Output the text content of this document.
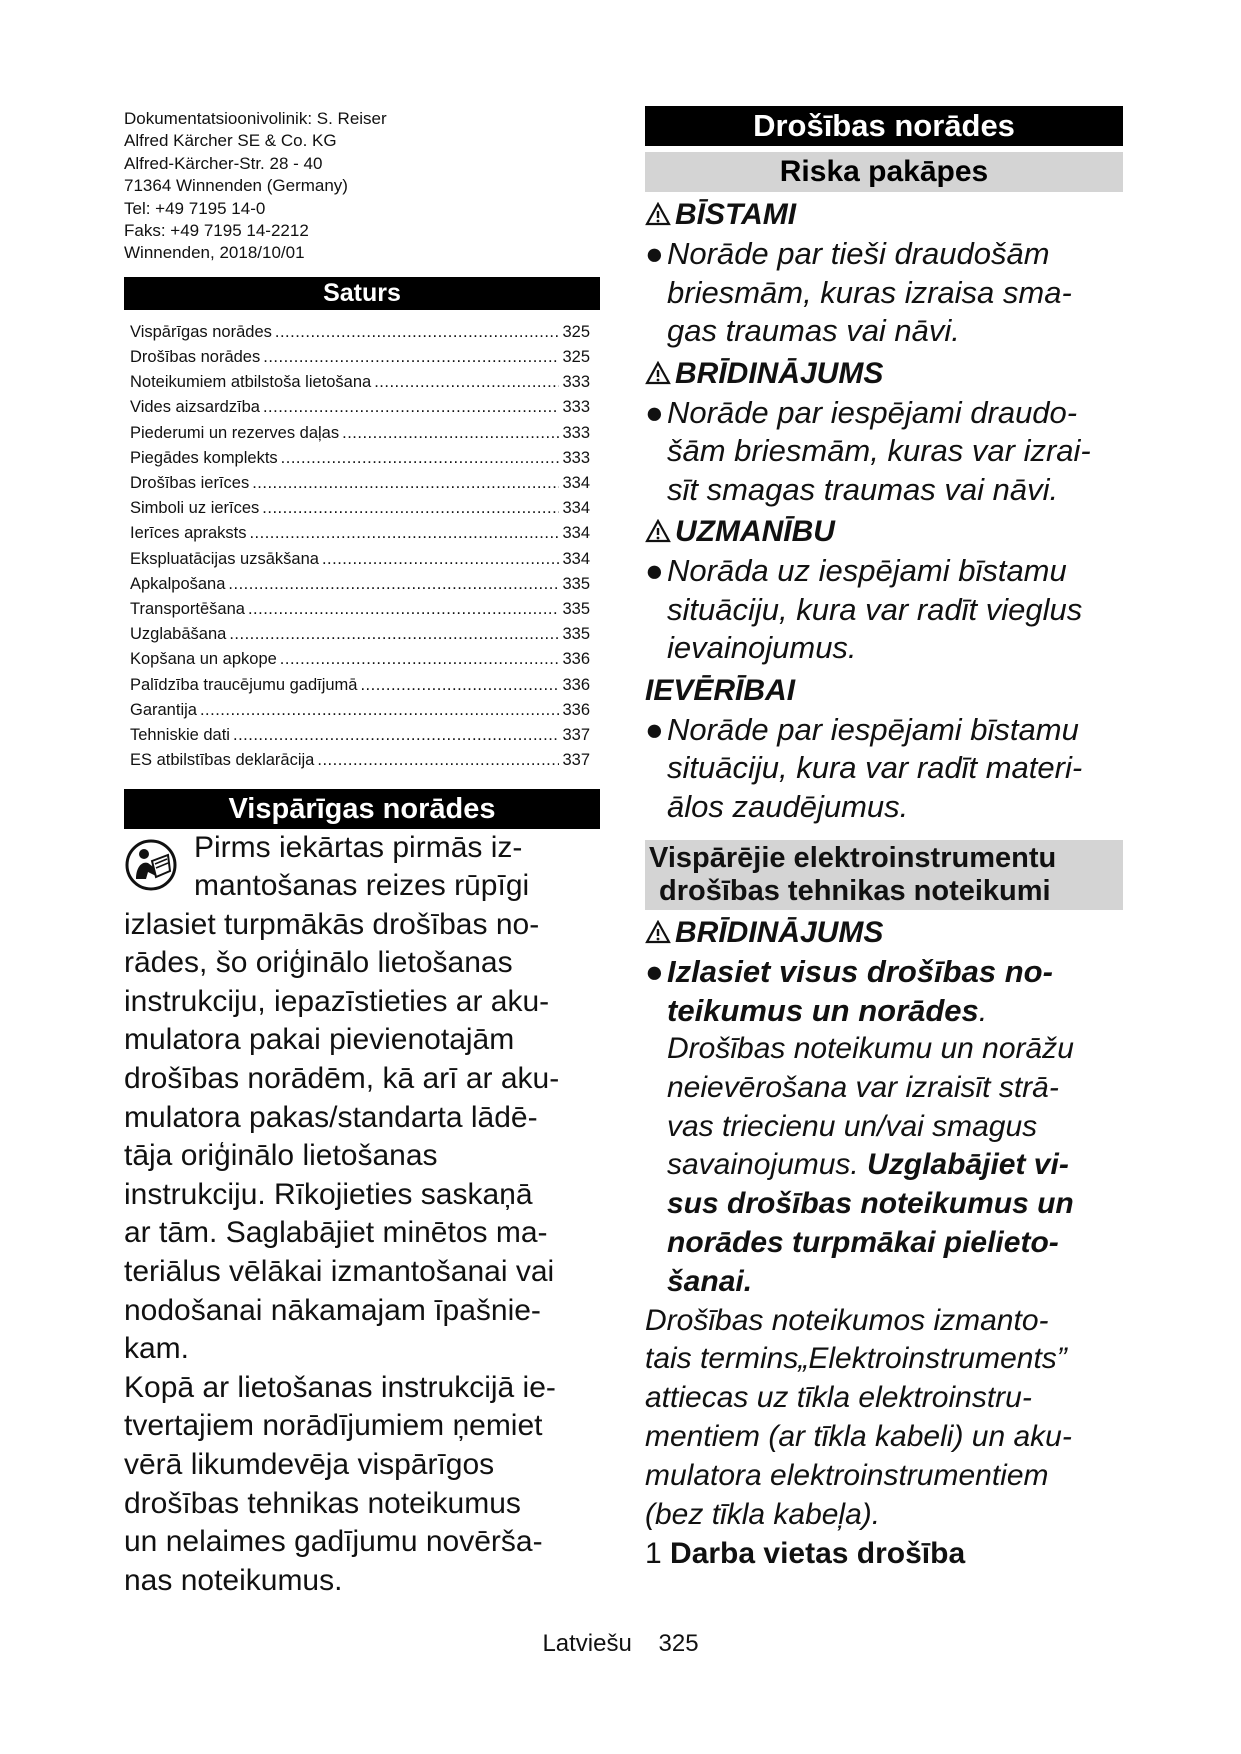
Dokumentatsioonivolinik: S. Reiser

Alfred Kärcher SE & Co. KG

Alfred-Kärcher-Str. 28 - 40

71364 Winnenden (Germany)

Tel: +49 7195 14-0

Faks: +49 7195 14-2212

Winnenden, 2018/10/01

Saturs
Vispārīgas norādes .....	325
Drošības norādes .....	325
Noteikumiem atbilstoša lietošana .....	333
Vides aizsardzība .....	333
Piederumi un rezerves daļas .....	333
Piegādes komplekts .....	333
Drošības ierīces .....	334
Simboli uz ierīces .....	334
Ierīces apraksts .....	334
Ekspluatācijas uzsākšana .....	334
Apkalpošana .....	335
Transportēšana .....	335
Uzglabāšana .....	335
Kopšana un apkope .....	336
Palīdzība traucējumu gadījumā .....	336
Garantija .....	336
Tehniskie dati .....	337
ES atbilstības deklarācija .....	337
Vispārīgas norādes

Pirms iekārtas pirmās iz-

mantošanas reizes rūpīgi

izlasiet turpmākās drošības no-

rādes, šo oriģinālo lietošanas

instrukciju, iepazīstieties ar aku-

mulatora pakai pievienotajām

drošības norādēm, kā arī ar aku-

mulatora pakas/standarta lādē-

tāja oriģinālo lietošanas

instrukciju. Rīkojieties saskaņā

ar tām. Saglabājiet minētos ma-

teriālus vēlākai izmantošanai vai

nodošanai nākamajam īpašnie-

kam.

Kopā ar lietošanas instrukcijā ie-

tvertajiem norādījumiem ņemiet

vērā likumdevēja vispārīgos

drošības tehnikas noteikumus

un nelaimes gadījumu novērša-

nas noteikumus.

Drošības norādes
Riska pakāpes
BĪSTAMI

● Norāde par tieši draudošām

briesmām, kuras izraisa sma-

gas traumas vai nāvi.

BRĪDINĀJUMS

● Norāde par iespējami draudo-

šām briesmām, kuras var izrai-

sīt smagas traumas vai nāvi.

UZMANĪBU

● Norāda uz iespējami bīstamu

situāciju, kura var radīt vieglus

ievainojumus.

IEVĒRĪBAI

● Norāde par iespējami bīstamu

situāciju, kura var radīt materi-

ālos zaudējumus.

Vispārējie elektroinstrumentu
drošības tehnikas noteikumi
BRĪDINĀJUMS

● Izlasiet visus drošības no-

teikumus un norādes.

Drošības noteikumu un norāžu

neievērošana var izraisīt strā-

vas triecienu un/vai smagus

savainojumus. Uzglabājiet vi-

sus drošības noteikumus un

norādes turpmākai pielieto-

šanai.

Drošības noteikumos izmanto-

tais termins„Elektroinstruments”

attiecas uz tīkla elektroinstru-

mentiem (ar tīkla kabeli) un aku-

mulatora elektroinstrumentiem

(bez tīkla kabeļa).

1 Darba vietas drošība

Latviešu 325
